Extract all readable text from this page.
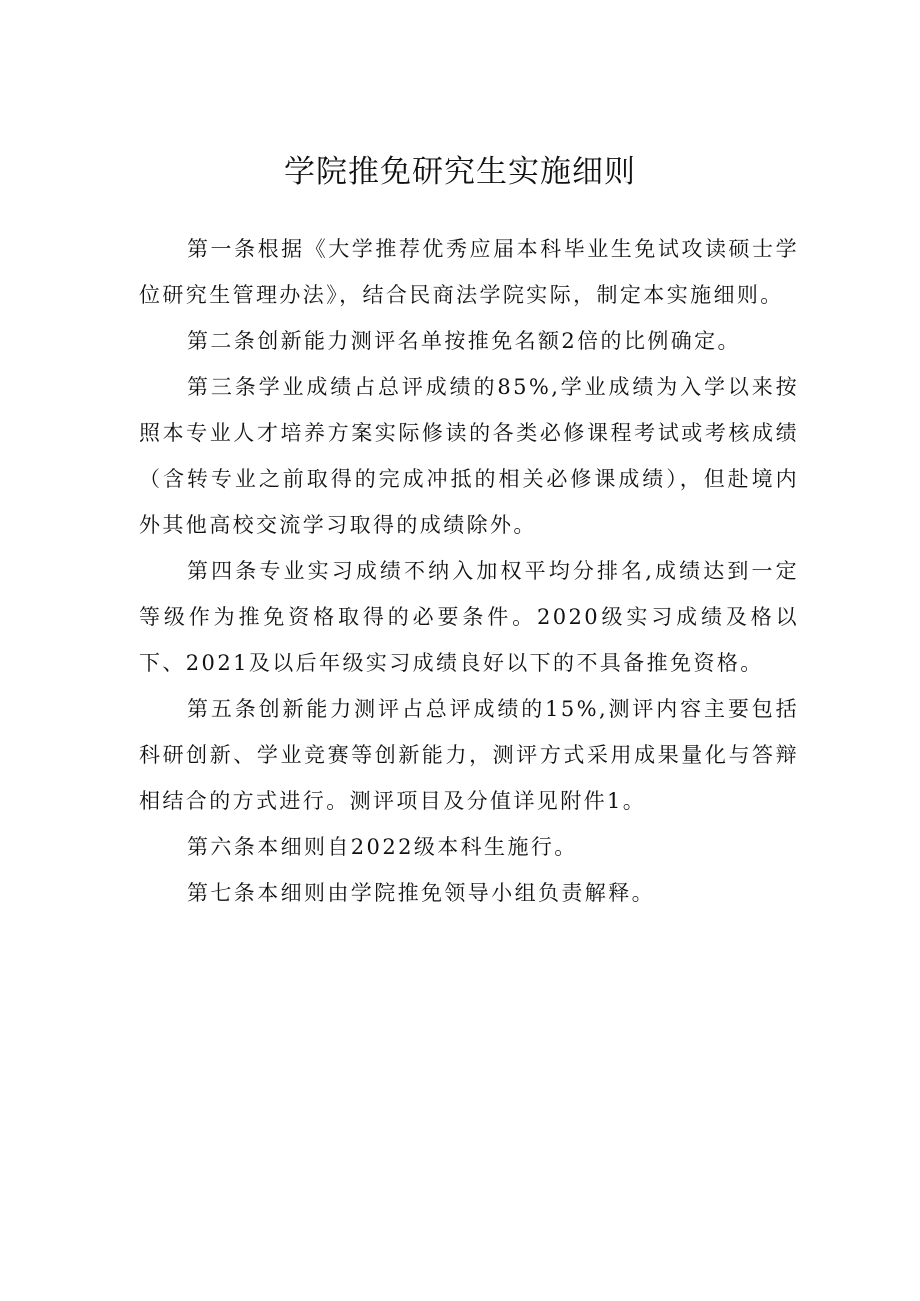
学院推免研究生实施细则

第一条根据《大学推荐优秀应届本科毕业生免试攻读硕士学位研究生管理办法》，结合民商法学院实际，制定本实施细则。

第二条创新能力测评名单按推免名额2倍的比例确定。

第三条学业成绩占总评成绩的85%,学业成绩为入学以来按照本专业人才培养方案实际修读的各类必修课程考试或考核成绩（含转专业之前取得的完成冲抵的相关必修课成绩），但赴境内外其他高校交流学习取得的成绩除外。

第四条专业实习成绩不纳入加权平均分排名,成绩达到一定等级作为推免资格取得的必要条件。2020级实习成绩及格以下、2021及以后年级实习成绩良好以下的不具备推免资格。

第五条创新能力测评占总评成绩的15%,测评内容主要包括科研创新、学业竞赛等创新能力，测评方式采用成果量化与答辩相结合的方式进行。测评项目及分值详见附件1。

第六条本细则自2022级本科生施行。

第七条本细则由学院推免领导小组负责解释。
